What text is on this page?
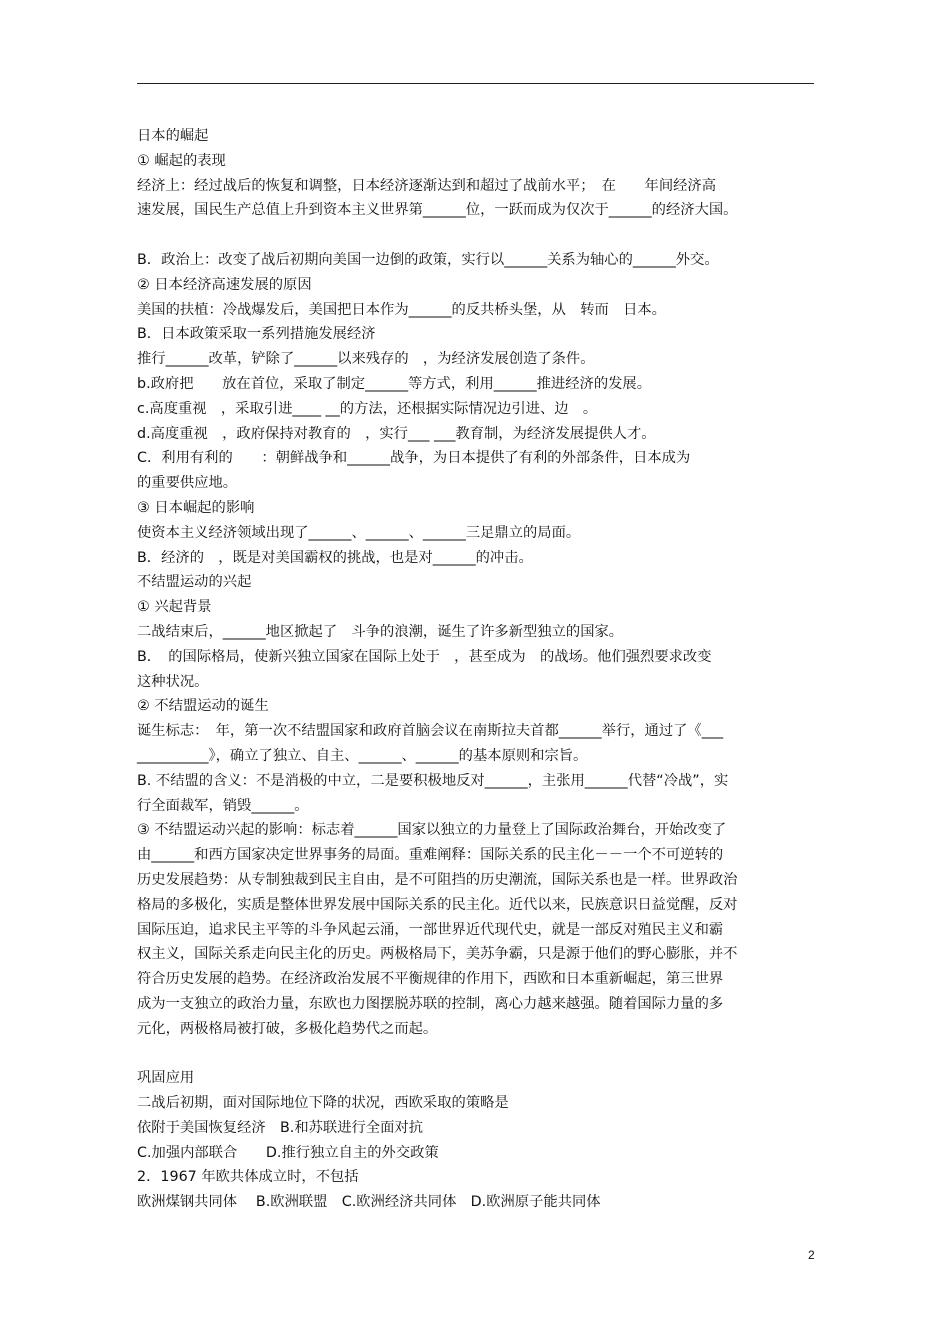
日本的崛起
① 崛起的表现
经济上：经过战后的恢复和调整，日本经济逐渐达到和超过了战前水平；　在　　年间经济高
速发展，国民生产总值上升到资本主义世界第______位，一跃而成为仅次于______的经济大国。
B．政治上：改变了战后初期向美国一边倒的政策，实行以______关系为轴心的______外交。
② 日本经济高速发展的原因
美国的扶植：冷战爆发后，美国把日本作为______的反共桥头堡，从　转而　日本。
B．日本政策采取一系列措施发展经济
推行______改革，铲除了______以来残存的　，为经济发展创造了条件。
b.政府把　　放在首位，采取了制定______等方式，利用______推进经济的发展。
c.高度重视　，采取引进____ __的方法，还根据实际情况边引进、边　。
d.高度重视　，政府保持对教育的　，实行___ ___教育制，为经济发展提供人才。
C．利用有利的　　：朝鲜战争和______战争，为日本提供了有利的外部条件，日本成为
的重要供应地。
③ 日本崛起的影响
使资本主义经济领域出现了______、______、______三足鼎立的局面。
B．经济的　，既是对美国霸权的挑战，也是对______的冲击。
不结盟运动的兴起
① 兴起背景
二战结束后，______地区掀起了　斗争的浪潮，诞生了许多新型独立的国家。
B．　的国际格局，使新兴独立国家在国际上处于　，甚至成为　的战场。他们强烈要求改变
这种状况。
② 不结盟运动的诞生
诞生标志：　年，第一次不结盟国家和政府首脑会议在南斯拉夫首都______举行，通过了《___
__________》，确立了独立、自主、______、______的基本原则和宗旨。
B. 不结盟的含义：不是消极的中立，二是要积极地反对______，主张用______代替“冷战”，实
行全面裁军，销毁______。
③ 不结盟运动兴起的影响：标志着______国家以独立的力量登上了国际政治舞台，开始改变了
由______和西方国家决定世界事务的局面。重难阐释：国际关系的民主化－－一个不可逆转的
历史发展趋势：从专制独裁到民主自由，是不可阻挡的历史潮流，国际关系也是一样。世界政治
格局的多极化，实质是整体世界发展中国际关系的民主化。近代以来，民族意识日益觉醒，反对
国际压迫，追求民主平等的斗争风起云涌，一部世界近代现代史，就是一部反对殖民主义和霸
权主义，国际关系走向民主化的历史。两极格局下，美苏争霸，只是源于他们的野心膨胀，并不
符合历史发展的趋势。在经济政治发展不平衡规律的作用下，西欧和日本重新崛起，第三世界
成为一支独立的政治力量，东欧也力图摆脱苏联的控制，离心力越来越强。随着国际力量的多
元化，两极格局被打破，多极化趋势代之而起。
巩固应用
二战后初期，面对国际地位下降的状况，西欧采取的策略是
依附于美国恢复经济　B.和苏联进行全面对抗
C.加强内部联合　　D.推行独立自主的外交政策
2．1967 年欧共体成立时，不包括
欧洲煤钢共同体　 B.欧洲联盟　C.欧洲经济共同体　D.欧洲原子能共同体
2
